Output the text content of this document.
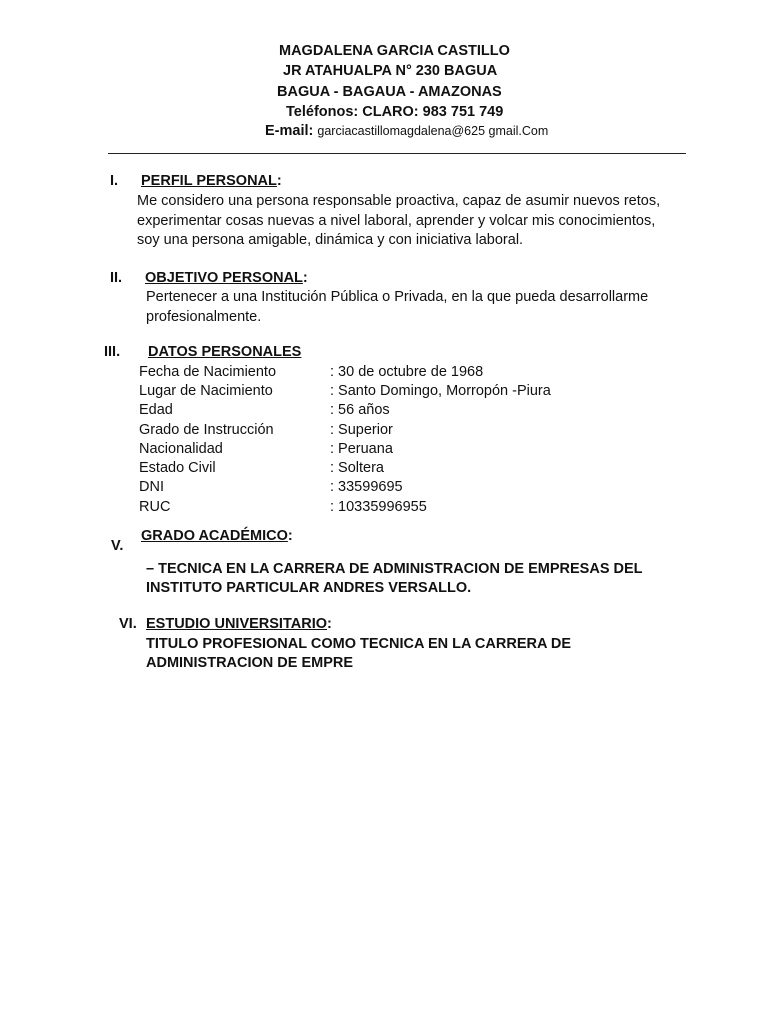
MAGDALENA GARCIA CASTILLO
JR ATAHUALPA N° 230 BAGUA
BAGUA - BAGAUA - AMAZONAS
Teléfonos: CLARO: 983 751 749
E-mail: garciacastillomagdalena@625 gmail.Com
I. PERFIL PERSONAL:
Me considero una persona responsable proactiva, capaz de asumir nuevos retos,
experimentar cosas nuevas a nivel laboral, aprender y volcar mis conocimientos,
soy una persona amigable, dinámica y con iniciativa laboral.
II. OBJETIVO PERSONAL:
Pertenecer a una Institución Pública o Privada, en la que pueda desarrollarme
profesionalmente.
III. DATOS PERSONALES
Fecha de Nacimiento	: 30 de octubre de 1968
Lugar de Nacimiento	: Santo Domingo, Morropón -Piura
Edad	: 56 años
Grado de Instrucción	: Superior
Nacionalidad	: Peruana
Estado Civil	: Soltera
DNI	: 33599695
RUC	: 10335996955
V.
GRADO ACADÉMICO:
– TECNICA EN LA CARRERA DE ADMINISTRACION DE EMPRESAS DEL
INSTITUTO PARTICULAR ANDRES VERSALLO.
VI. ESTUDIO UNIVERSITARIO:
TITULO PROFESIONAL COMO TECNICA EN LA CARRERA DE
ADMINISTRACION DE EMPRE
